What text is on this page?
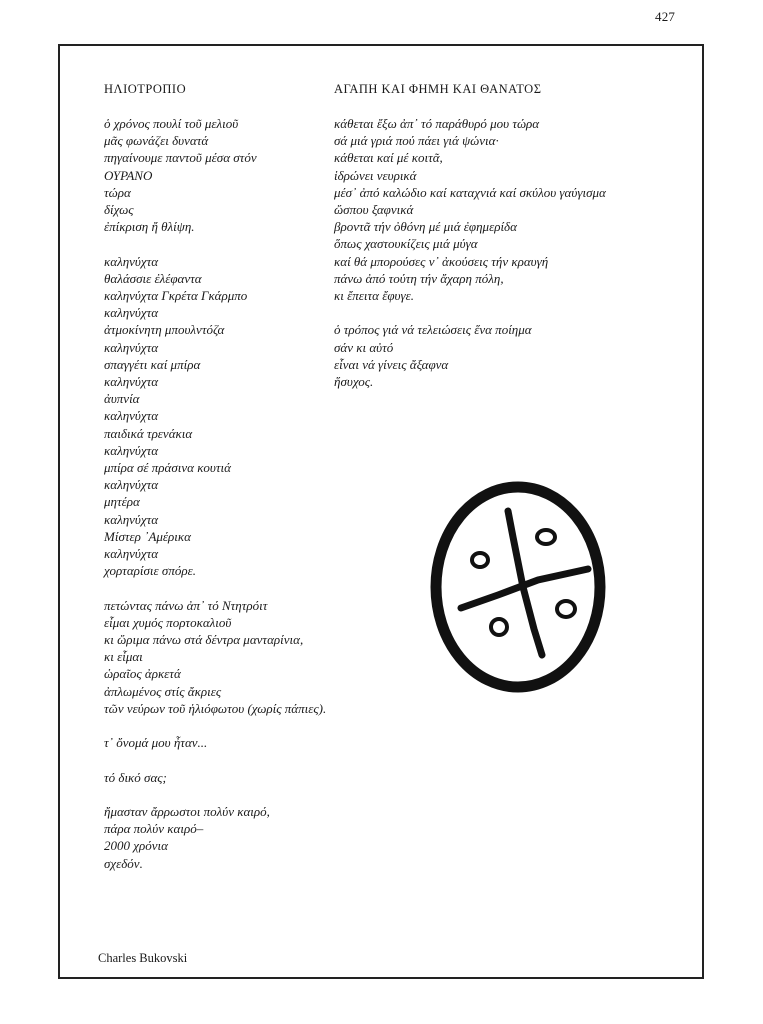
427
ΗΛΙΟΤΡΟΠΙΟ	ΑΓΑΠΗ ΚΑΙ ΦΗΜΗ ΚΑΙ ΘΑΝΑΤΟΣ
ὁ χρόνος πουλί τοῦ μελιοῦ
μᾶς φωνάζει δυνατά
πηγαίνουμε παντοῦ μέσα στόν
ΟΥΡΑΝΟ
τώρα
δίχως
ἐπίκριση ἤ θλίψη.
καληνύχτα
θαλάσσιε ἐλέφαντα
καληνύχτα Γκρέτα Γκάρμπο
καληνύχτα
ἀτμοκίνητη μπουλντόζα
καληνύχτα
σπαγγέτι καί μπίρα
καληνύχτα
ἀυπνία
καληνύχτα
παιδικά τρενάκια
καληνύχτα
μπίρα σέ πράσινα κουτιά
καληνύχτα
μητέρα
καληνύχτα
Μίστερ ᾽Αμέρικα
καληνύχτα
χορταρίσιε σπόρε.
πετώντας πάνω ἀπ᾽ τό Ντητρόιτ
εἶμαι χυμός πορτοκαλιοῦ
κι ὥριμα πάνω στά δέντρα μανταρίνια,
κι εἶμαι
ὡραῖος ἀρκετά
ἀπλωμένος στίς ἄκριες
τῶν νεύρων τοῦ ἡλιόφωτου (χωρίς πάπιες).
τ᾽ ὄνομά μου ἦταν...
τό δικό σας;
ἤμασταν ἄρρωστοι πολύν καιρό,
πάρα πολύν καιρό–
2000 χρόνια
σχεδόν.
κάθεται ἔξω ἀπ᾽ τό παράθυρό μου τώρα
σά μιά γριά πού πάει γιά ψώνια·
κάθεται καί μέ κοιτᾶ,
ἱδρώνει νευρικά
μέσ᾽ ἀπό καλώδιο καί καταχνιά καί σκύλου γαύγισμα
ὥσπου ξαφνικά
βροντᾶ τήν ὀθόνη μέ μιά ἐφημερίδα
ὅπως χαστουκίζεις μιά μύγα
καί θά μπορούσες ν᾽ ἀκούσεις τήν κραυγή
πάνω ἀπό τούτη τήν ἄχαρη πόλη,
κι ἔπειτα ἔφυγε.
ὁ τρόπος γιά νά τελειώσεις ἕνα ποίημα
σάν κι αὐτό
εἶναι νά γίνεις ἄξαφνα
ἥσυχος.
Charles Bukovski
